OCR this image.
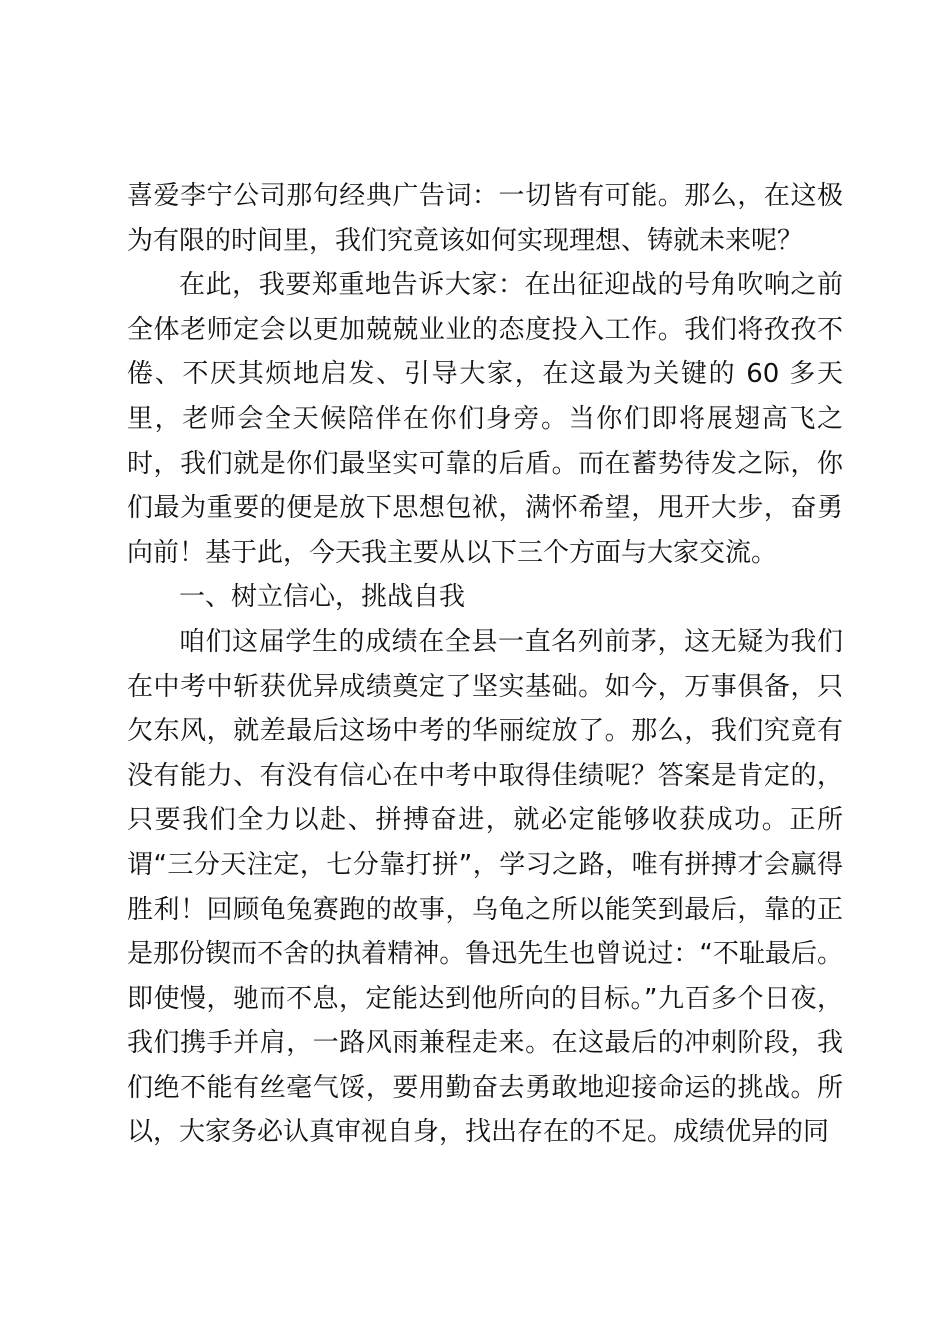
喜爱李宁公司那句经典广告词：一切皆有可能。那么，在这极为有限的时间里，我们究竟该如何实现理想、铸就未来呢？

在此，我要郑重地告诉大家：在出征迎战的号角吹响之前全体老师定会以更加兢兢业业的态度投入工作。我们将孜孜不倦、不厌其烦地启发、引导大家，在这最为关键的 60 多天里，老师会全天候陪伴在你们身旁。当你们即将展翅高飞之时，我们就是你们最坚实可靠的后盾。而在蓄势待发之际，你们最为重要的便是放下思想包袱，满怀希望，甩开大步，奋勇向前！基于此，今天我主要从以下三个方面与大家交流。

一、树立信心，挑战自我

咱们这届学生的成绩在全县一直名列前茅，这无疑为我们在中考中斩获优异成绩奠定了坚实基础。如今，万事俱备，只欠东风，就差最后这场中考的华丽绽放了。那么，我们究竟有没有能力、有没有信心在中考中取得佳绩呢？答案是肯定的，只要我们全力以赴、拼搏奋进，就必定能够收获成功。正所谓“三分天注定，七分靠打拼”，学习之路，唯有拼搏才会赢得胜利！回顾龟兔赛跑的故事，乌龟之所以能笑到最后，靠的正是那份锲而不舍的执着精神。鲁迅先生也曾说过：“不耻最后。即使慢，驰而不息，定能达到他所向的目标。”九百多个日夜，我们携手并肩，一路风雨兼程走来。在这最后的冲刺阶段，我们绝不能有丝毫气馁，要用勤奋去勇敢地迎接命运的挑战。所以，大家务必认真审视自身，找出存在的不足。成绩优异的同
